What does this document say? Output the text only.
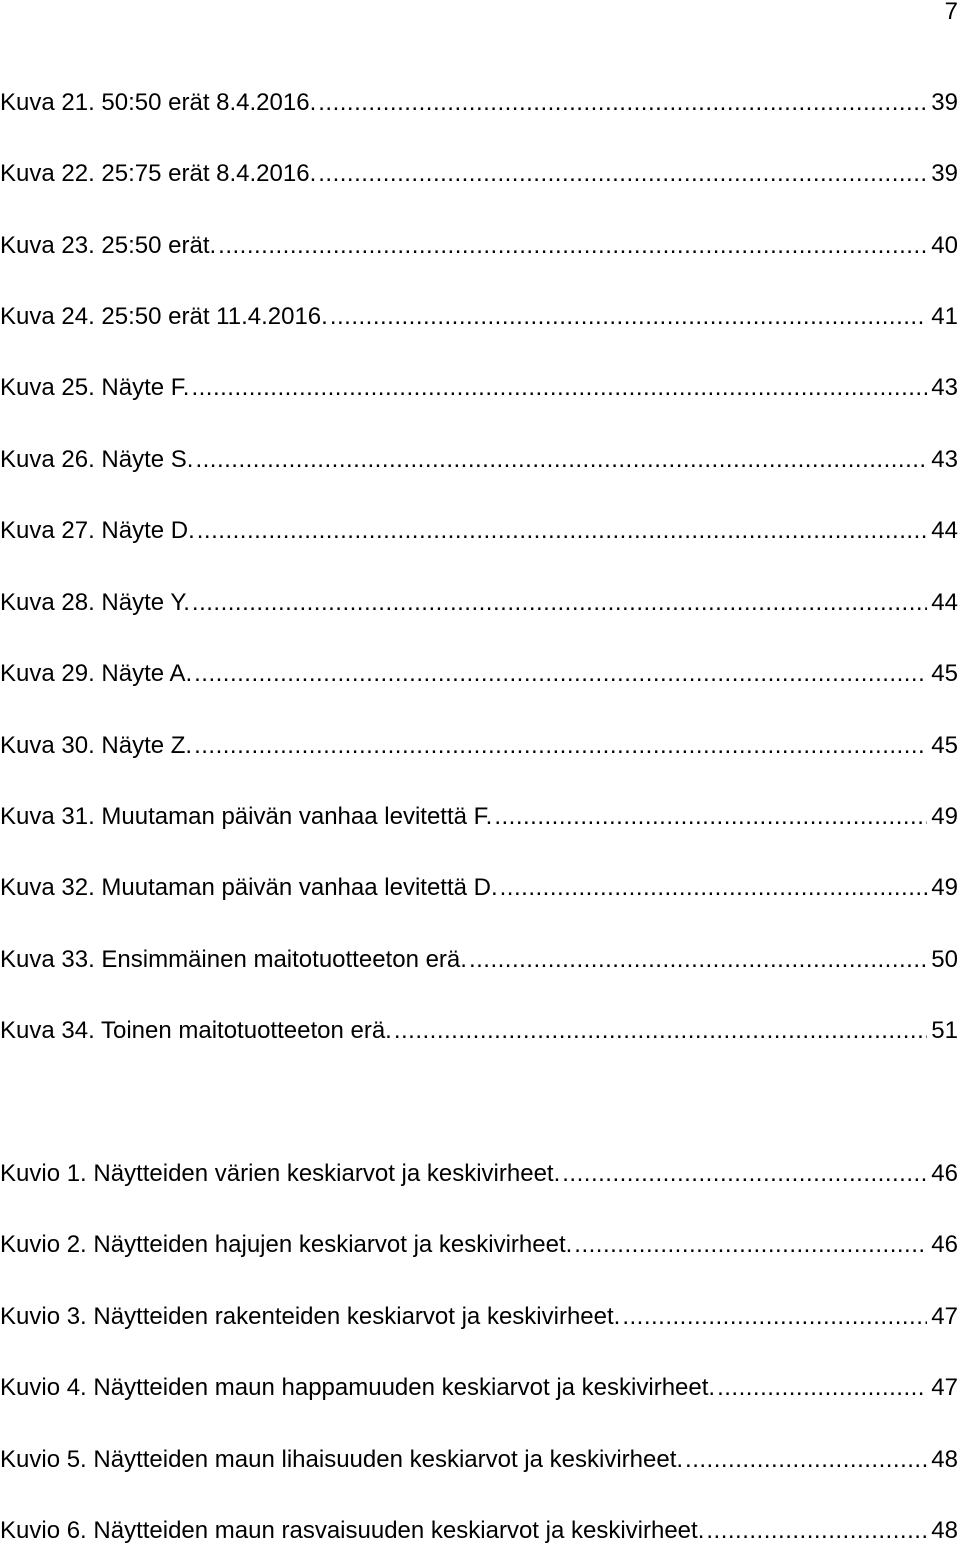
7
Kuva 21. 50:50 erät 8.4.2016. .....	39
Kuva 22. 25:75 erät 8.4.2016. .....	39
Kuva 23. 25:50 erät. .....	40
Kuva 24. 25:50 erät 11.4.2016. .....	41
Kuva 25. Näyte F. .....	43
Kuva 26. Näyte S. .....	43
Kuva 27. Näyte D. .....	44
Kuva 28. Näyte Y. .....	44
Kuva 29. Näyte A. .....	45
Kuva 30. Näyte Z. .....	45
Kuva 31. Muutaman päivän vanhaa levitettä F. .....	49
Kuva 32. Muutaman päivän vanhaa levitettä D. .....	49
Kuva 33. Ensimmäinen maitotuotteeton erä. .....	50
Kuva 34. Toinen maitotuotteeton erä. .....	51
Kuvio 1. Näytteiden värien keskiarvot ja keskivirheet. .....	46
Kuvio 2. Näytteiden hajujen keskiarvot ja keskivirheet. .....	46
Kuvio 3. Näytteiden rakenteiden keskiarvot ja keskivirheet. .....	47
Kuvio 4. Näytteiden maun happamuuden keskiarvot ja keskivirheet. .....	47
Kuvio 5. Näytteiden maun lihaisuuden keskiarvot ja keskivirheet. .....	48
Kuvio 6. Näytteiden maun rasvaisuuden keskiarvot ja keskivirheet. .....	48
